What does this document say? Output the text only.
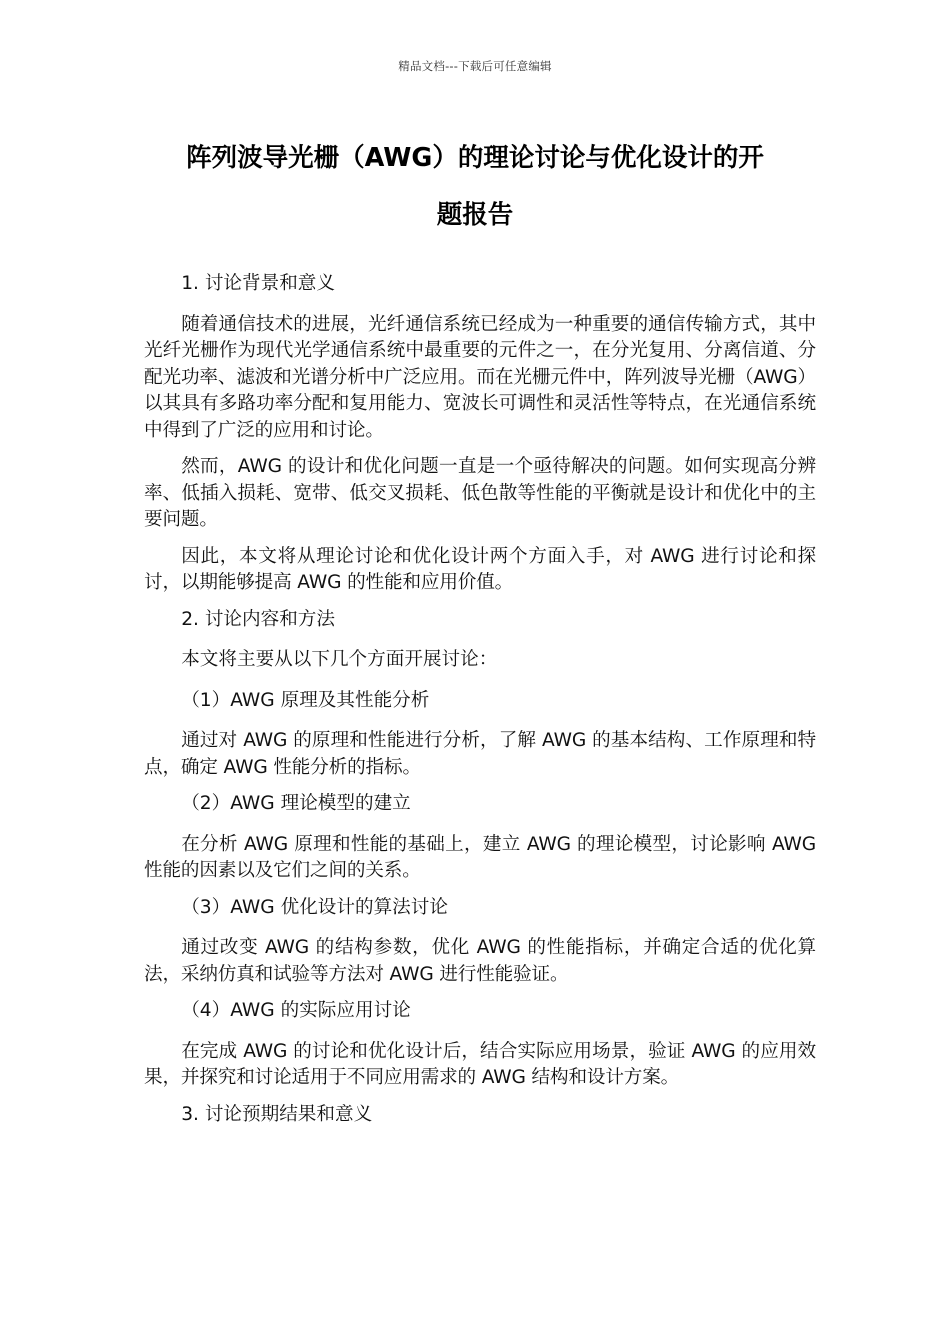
精品文档---下载后可任意编辑
阵列波导光栅（AWG）的理论讨论与优化设计的开
题报告
1. 讨论背景和意义

随着通信技术的进展，光纤通信系统已经成为一种重要的通信传输方式，其中光纤光栅作为现代光学通信系统中最重要的元件之一，在分光复用、分离信道、分配光功率、滤波和光谱分析中广泛应用。而在光栅元件中，阵列波导光栅（AWG）以其具有多路功率分配和复用能力、宽波长可调性和灵活性等特点，在光通信系统中得到了广泛的应用和讨论。

然而，AWG 的设计和优化问题一直是一个亟待解决的问题。如何实现高分辨率、低插入损耗、宽带、低交叉损耗、低色散等性能的平衡就是设计和优化中的主要问题。

因此，本文将从理论讨论和优化设计两个方面入手，对 AWG 进行讨论和探讨，以期能够提高 AWG 的性能和应用价值。

2. 讨论内容和方法
本文将主要从以下几个方面开展讨论：
（1）AWG 原理及其性能分析

通过对 AWG 的原理和性能进行分析，了解 AWG 的基本结构、工作原理和特点，确定 AWG 性能分析的指标。

（2）AWG 理论模型的建立

在分析 AWG 原理和性能的基础上，建立 AWG 的理论模型，讨论影响 AWG 性能的因素以及它们之间的关系。

（3）AWG 优化设计的算法讨论

通过改变 AWG 的结构参数，优化 AWG 的性能指标，并确定合适的优化算法，采纳仿真和试验等方法对 AWG 进行性能验证。

（4）AWG 的实际应用讨论

在完成 AWG 的讨论和优化设计后，结合实际应用场景，验证 AWG 的应用效果，并探究和讨论适用于不同应用需求的 AWG 结构和设计方案。

3. 讨论预期结果和意义
